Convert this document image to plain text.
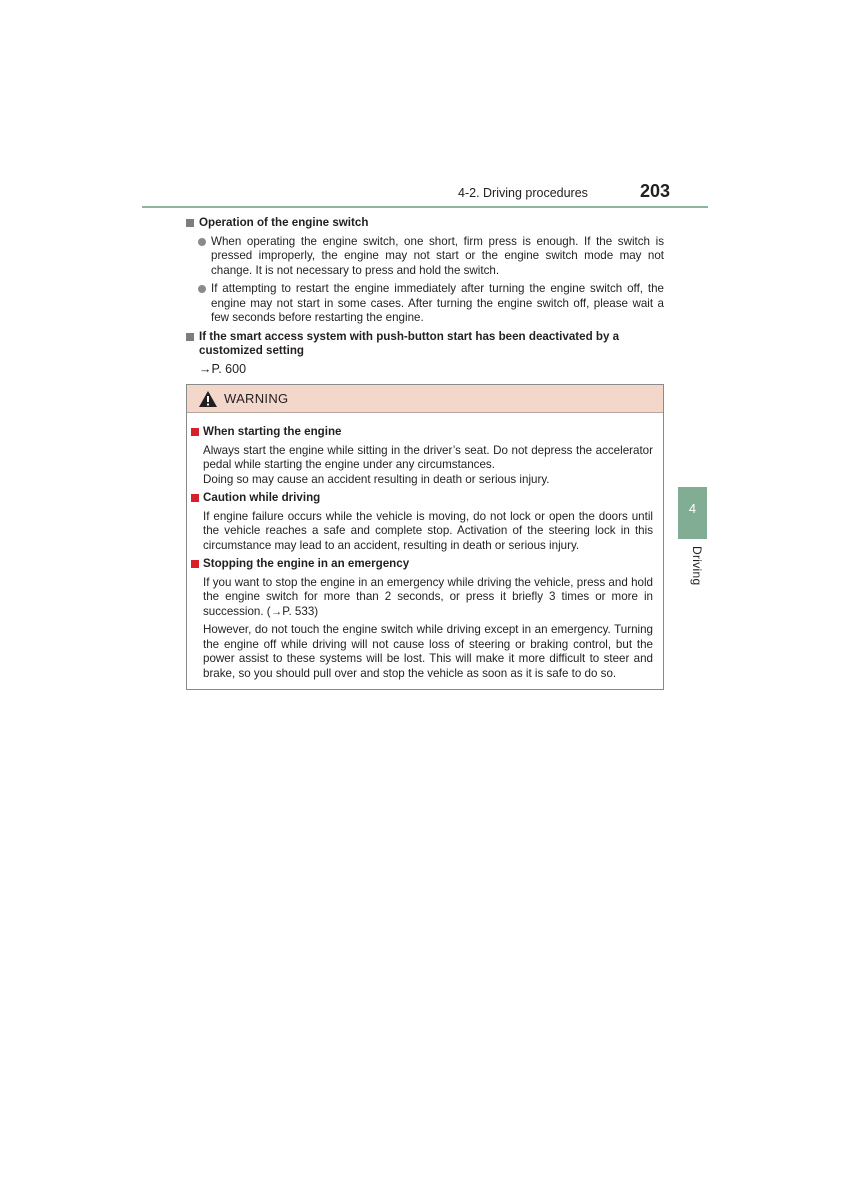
4-2. Driving procedures	203
4
Driving
Operation of the engine switch
When operating the engine switch, one short, firm press is enough. If the switch is pressed improperly, the engine may not start or the engine switch mode may not change. It is not necessary to press and hold the switch.
If attempting to restart the engine immediately after turning the engine switch off, the engine may not start in some cases. After turning the engine switch off, please wait a few seconds before restarting the engine.
If the smart access system with push-button start has been deactivated by a customized setting
→P. 600
WARNING
When starting the engine
Always start the engine while sitting in the driver’s seat. Do not depress the accelerator pedal while starting the engine under any circumstances.
Doing so may cause an accident resulting in death or serious injury.
Caution while driving
If engine failure occurs while the vehicle is moving, do not lock or open the doors until the vehicle reaches a safe and complete stop. Activation of the steering lock in this circumstance may lead to an accident, resulting in death or serious injury.
Stopping the engine in an emergency
If you want to stop the engine in an emergency while driving the vehicle, press and hold the engine switch for more than 2 seconds, or press it briefly 3 times or more in succession. (→P. 533)
However, do not touch the engine switch while driving except in an emergency. Turning the engine off while driving will not cause loss of steering or braking control, but the power assist to these systems will be lost. This will make it more difficult to steer and brake, so you should pull over and stop the vehicle as soon as it is safe to do so.
